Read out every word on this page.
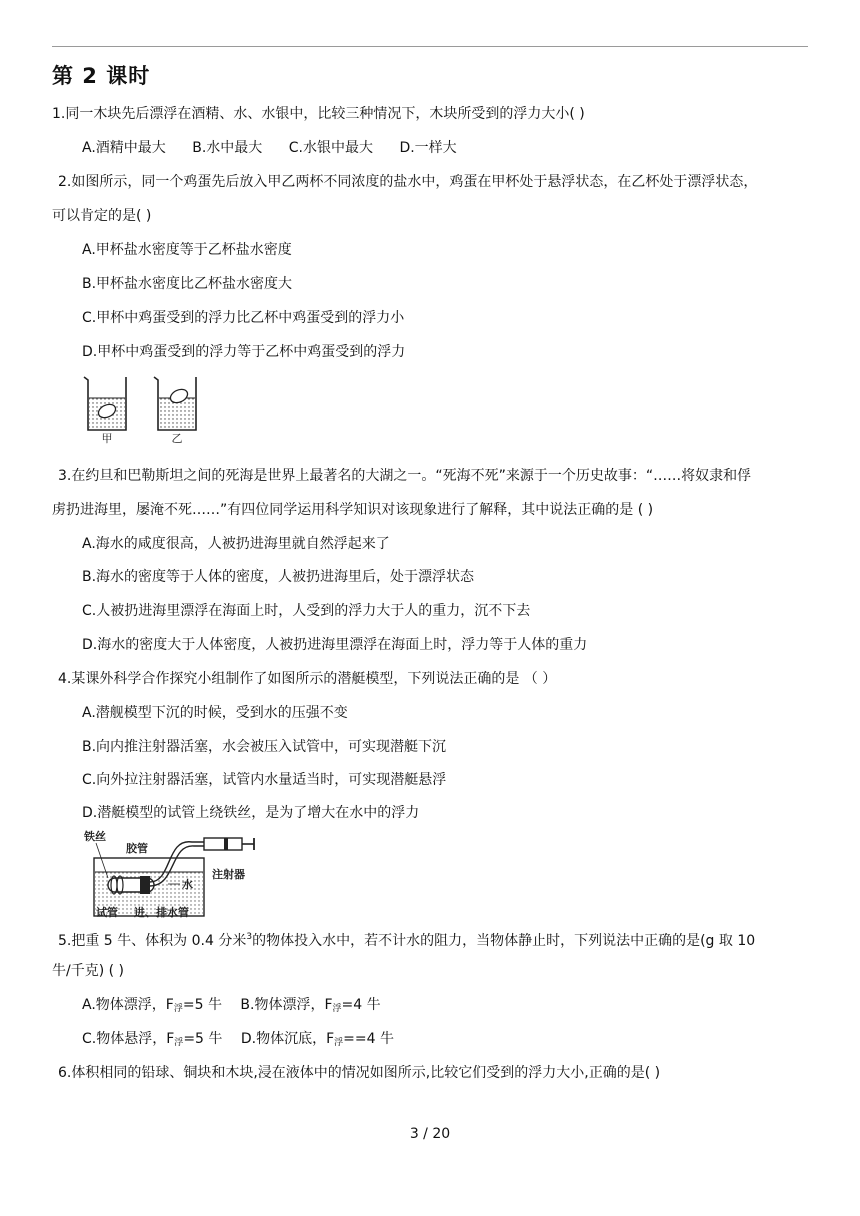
第 2 课时
1.同一木块先后漂浮在酒精、水、水银中，比较三种情况下，木块所受到的浮力大小( )
A.酒精中最大 B.水中最大 C.水银中最大 D.一样大
2.如图所示，同一个鸡蛋先后放入甲乙两杯不同浓度的盐水中，鸡蛋在甲杯处于悬浮状态，在乙杯处于漂浮状态，
可以肯定的是( )
A.甲杯盐水密度等于乙杯盐水密度
B.甲杯盐水密度比乙杯盐水密度大
C.甲杯中鸡蛋受到的浮力比乙杯中鸡蛋受到的浮力小
D.甲杯中鸡蛋受到的浮力等于乙杯中鸡蛋受到的浮力
甲	乙
3.在约旦和巴勒斯坦之间的死海是世界上最著名的大湖之一。“死海不死”来源于一个历史故事：“……将奴隶和俘
虏扔进海里，屡淹不死……”有四位同学运用科学知识对该现象进行了解释，其中说法正确的是 ( )
A.海水的咸度很高，人被扔进海里就自然浮起来了
B.海水的密度等于人体的密度，人被扔进海里后，处于漂浮状态
C.人被扔进海里漂浮在海面上时，人受到的浮力大于人的重力，沉不下去
D.海水的密度大于人体密度，人被扔进海里漂浮在海面上时，浮力等于人体的重力
4.某课外科学合作探究小组制作了如图所示的潜艇模型，下列说法正确的是 （ ）
A.潜舰模型下沉的时候，受到水的压强不变
B.向内推注射器活塞，水会被压入试管中，可实现潜艇下沉
C.向外拉注射器活塞，试管内水量适当时，可实现潜艇悬浮
D.潜艇模型的试管上绕铁丝，是为了增大在水中的浮力
铁丝
胶管
注射器
水
试管 进、排水管
5.把重 5 牛、体积为 0.4 分米$^3$的物体投入水中，若不计水的阻力，当物体静止时，下列说法中正确的是(g 取 10
牛/千克) ( )
A.物体漂浮，$F_浮=5$ 牛 B.物体漂浮，$F_浮=4$ 牛
C.物体悬浮，$F_浮=5$ 牛 D.物体沉底，$F_浮==4$ 牛
6.体积相同的铅球、铜块和木块,浸在液体中的情况如图所示,比较它们受到的浮力大小,正确的是( )
3 / 20
